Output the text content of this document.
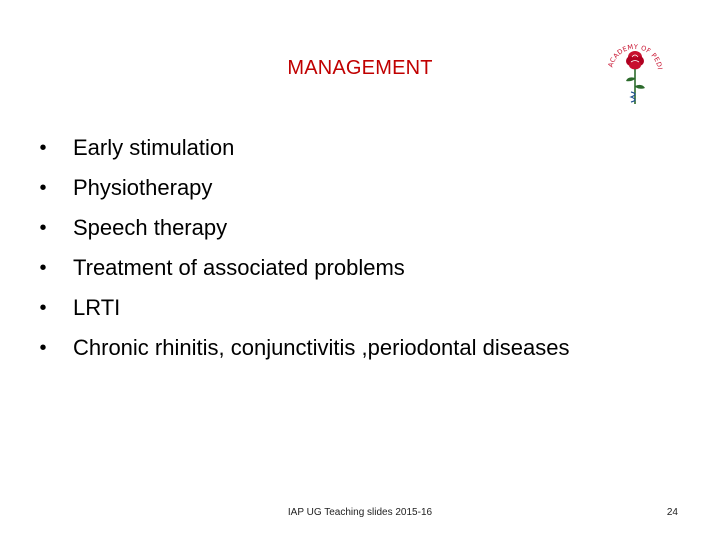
MANAGEMENT	ACADEMY OF PEDI
• Early stimulation
• Physiotherapy
• Speech therapy
• Treatment of associated problems
• LRTI
• Chronic rhinitis, conjunctivitis ,periodontal diseases
IAP UG Teaching slides 2015-16	24
